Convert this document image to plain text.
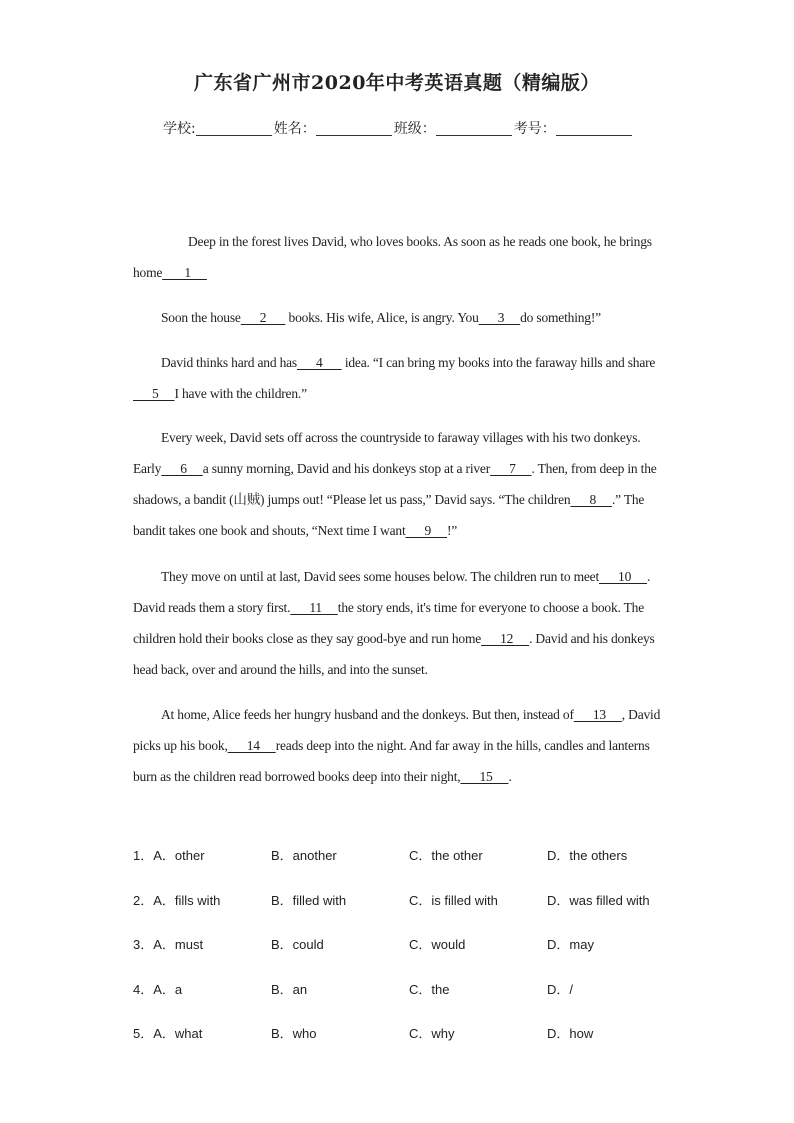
广东省广州市2020年中考英语真题（精编版）
学校:	姓名：	班级：	考号：

Deep in the forest lives David, who loves books. As soon as he reads one book, he brings home       1

Soon the house      2       books. His wife, Alice, is angry. You      3     do something!”

David thinks hard and has      4       idea. “I can bring my books into the faraway hills and share      5     I have with the children.”

Every week, David sets off across the countryside to faraway villages with his two donkeys. Early      6     a sunny morning, David and his donkeys stop at a river      7     . Then, from deep in the shadows, a bandit (山贼) jumps out! “Please let us pass,” David says. “The children      8     .” The bandit takes one book and shouts, “Next time I want      9     !”

They move on until at last, David sees some houses below. The children run to meet      10     . David reads them a story first.      11     the story ends, it's time for everyone to choose a book. The children hold their books close as they say good-bye and run home      12     . David and his donkeys head back, over and around the hills, and into the sunset.

At home, Alice feeds her hungry husband and the donkeys. But then, instead of      13     , David picks up his book,      14     reads deep into the night. And far away in the hills, candles and lanterns burn as the children read borrowed books deep into their night,      15     .

1．A．other	B．another	C．the other	D．the others
2．A．fills with	B．filled with	C．is filled with	D．was filled with
3．A．must	B．could	C．would	D．may
4．A．a	B．an	C．the	D．/
5．A．what	B．who	C．why	D．how
